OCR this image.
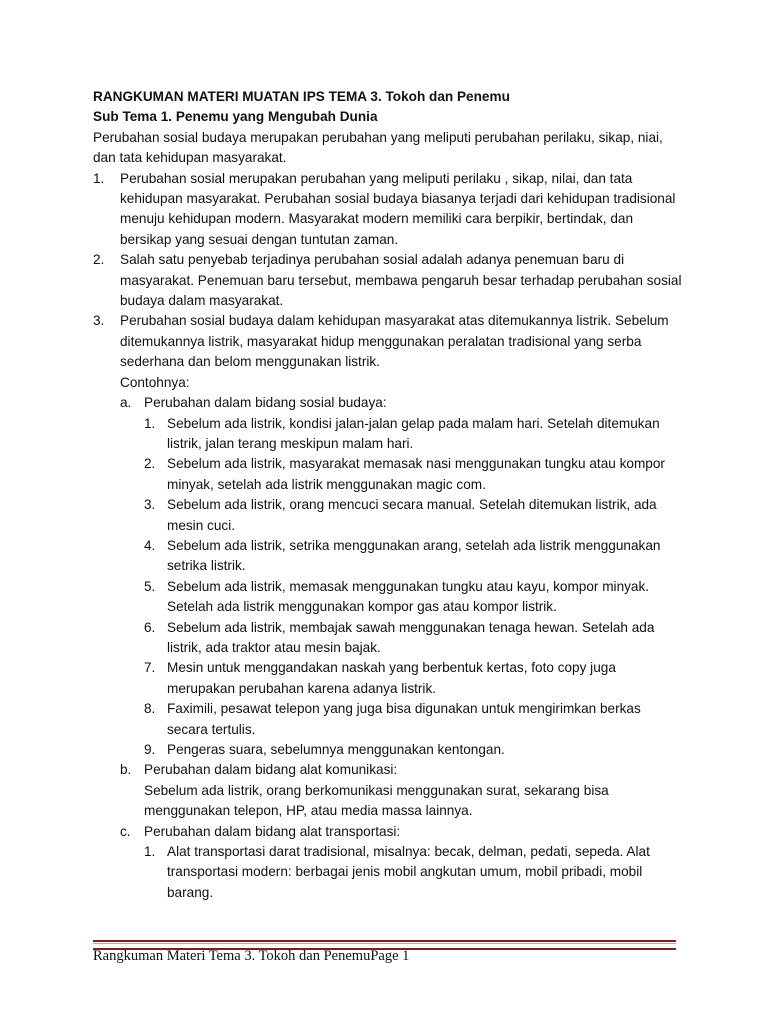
RANGKUMAN MATERI MUATAN IPS TEMA 3. Tokoh dan Penemu
Sub Tema 1. Penemu yang Mengubah Dunia
Perubahan sosial budaya merupakan perubahan yang meliputi perubahan perilaku, sikap, niai, dan tata kehidupan masyarakat.
1.	Perubahan sosial merupakan perubahan yang meliputi perilaku , sikap, nilai, dan tata kehidupan masyarakat. Perubahan sosial budaya biasanya terjadi dari kehidupan tradisional menuju kehidupan modern. Masyarakat modern memiliki cara berpikir, bertindak, dan bersikap yang sesuai dengan tuntutan zaman.
2.	Salah satu penyebab terjadinya perubahan sosial adalah adanya penemuan baru di masyarakat. Penemuan baru tersebut, membawa pengaruh besar terhadap perubahan sosial budaya dalam masyarakat.
3.	Perubahan sosial budaya dalam kehidupan masyarakat atas ditemukannya listrik. Sebelum ditemukannya listrik, masyarakat hidup menggunakan peralatan tradisional yang serba sederhana dan belom menggunakan listrik.
Contohnya:
a. Perubahan dalam bidang sosial budaya:
1. Sebelum ada listrik, kondisi jalan-jalan gelap pada malam hari. Setelah ditemukan listrik, jalan terang meskipun malam hari.
2. Sebelum ada listrik, masyarakat memasak nasi menggunakan tungku atau kompor minyak, setelah ada listrik menggunakan magic com.
3. Sebelum ada listrik, orang mencuci secara manual. Setelah ditemukan listrik, ada mesin cuci.
4. Sebelum ada listrik, setrika menggunakan arang, setelah ada listrik menggunakan setrika listrik.
5. Sebelum ada listrik, memasak menggunakan tungku atau kayu, kompor minyak. Setelah ada listrik menggunakan kompor gas atau kompor listrik.
6. Sebelum ada listrik, membajak sawah menggunakan tenaga hewan. Setelah ada listrik, ada traktor atau mesin bajak.
7. Mesin untuk menggandakan naskah yang berbentuk kertas, foto copy juga merupakan perubahan karena adanya listrik.
8. Faximili, pesawat telepon yang juga bisa digunakan untuk mengirimkan berkas secara tertulis.
9. Pengeras suara, sebelumnya menggunakan kentongan.
b. Perubahan dalam bidang alat komunikasi:
Sebelum ada listrik, orang berkomunikasi menggunakan surat, sekarang bisa menggunakan telepon, HP, atau media massa lainnya.
c. Perubahan dalam bidang alat transportasi:
1. Alat transportasi darat tradisional, misalnya: becak, delman, pedati, sepeda. Alat transportasi modern: berbagai jenis mobil angkutan umum, mobil pribadi, mobil barang.
Rangkuman Materi Tema 3. Tokoh dan PenemuPage 1
